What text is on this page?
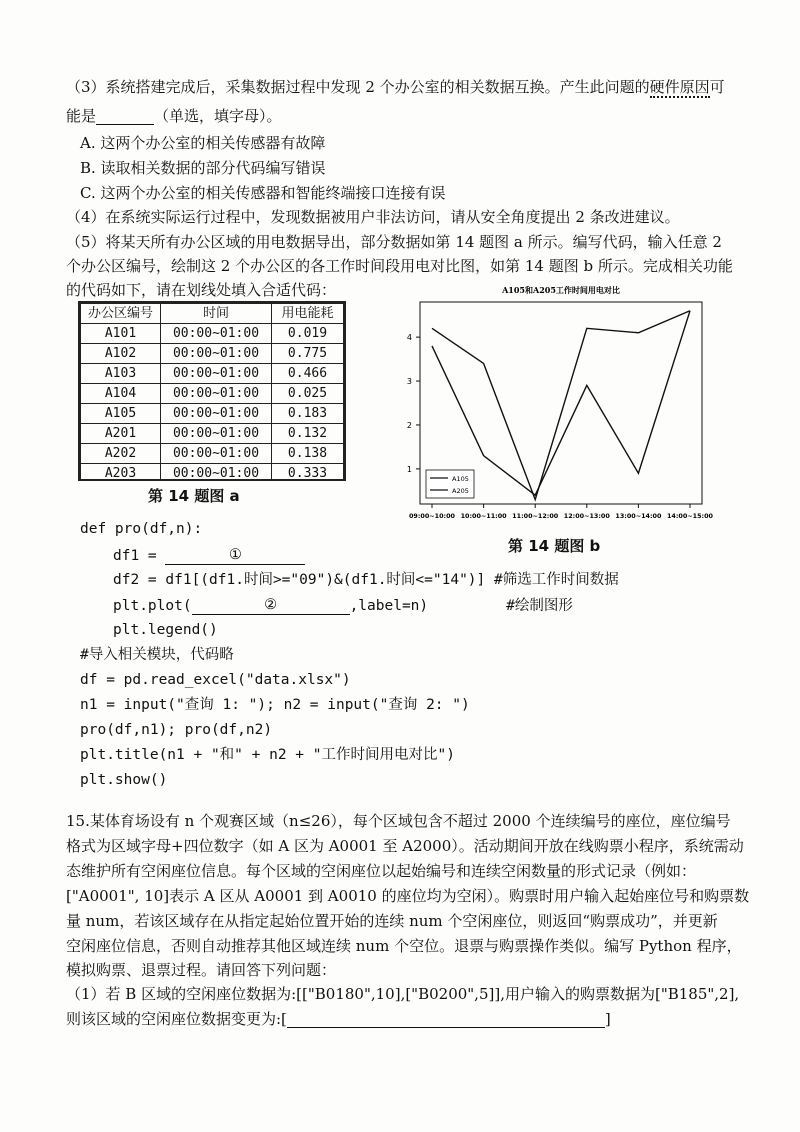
（3）系统搭建完成后，采集数据过程中发现 2 个办公室的相关数据互换。产生此问题的硬件原因可
能是	（单选，填字母）。
A. 这两个办公室的相关传感器有故障
B. 读取相关数据的部分代码编写错误
C. 这两个办公室的相关传感器和智能终端接口连接有误
（4）在系统实际运行过程中，发现数据被用户非法访问，请从安全角度提出 2 条改进建议。
（5）将某天所有办公区域的用电数据导出，部分数据如第 14 题图 a 所示。编写代码，输入任意 2
个办公区编号，绘制这 2 个办公区的各工作时间段用电对比图，如第 14 题图 b 所示。完成相关功能
的代码如下，请在划线处填入合适代码：
办公区编号	时间	用电能耗
A101	00:00~01:00	0.019
A102	00:00~01:00	0.775
A103	00:00~01:00	0.466
A104	00:00~01:00	0.025
A105	00:00~01:00	0.183
A201	00:00~01:00	0.132
A202	00:00~01:00	0.138
A203	00:00~01:00	0.333

第 14 题图 a
A105和A205工作时间用电对比
1
2
3
4
09:00~10:00 10:00~11:00 11:00~12:00 12:00~13:00 13:00~14:00 14:00~15:00
A105
A205
第 14 题图 b
def pro(df,n):
df1 =	①
df2 = df1[(df1.时间>="09")&(df1.时间<="14")] #筛选工作时间数据
plt.plot(	②	,label=n)	#绘制图形
plt.legend()
#导入相关模块，代码略
df = pd.read_excel("data.xlsx")
n1 = input("查询 1: "); n2 = input("查询 2: ")
pro(df,n1); pro(df,n2)
plt.title(n1 + "和" + n2 + "工作时间用电对比")
plt.show()
15.某体育场设有 n 个观赛区域（n≤26），每个区域包含不超过 2000 个连续编号的座位，座位编号
格式为区域字母+四位数字（如 A 区为 A0001 至 A2000）。活动期间开放在线购票小程序，系统需动
态维护所有空闲座位信息。每个区域的空闲座位以起始编号和连续空闲数量的形式记录（例如：
["A0001", 10]表示 A 区从 A0001 到 A0010 的座位均为空闲）。购票时用户输入起始座位号和购票数
量 num，若该区域存在从指定起始位置开始的连续 num 个空闲座位，则返回“购票成功”，并更新
空闲座位信息，否则自动推荐其他区域连续 num 个空位。退票与购票操作类似。编写 Python 程序，
模拟购票、退票过程。请回答下列问题：
（1）若 B 区域的空闲座位数据为:[["B0180",10],["B0200",5]],用户输入的购票数据为["B185",2],
则该区域的空闲座位数据变更为:[	]
